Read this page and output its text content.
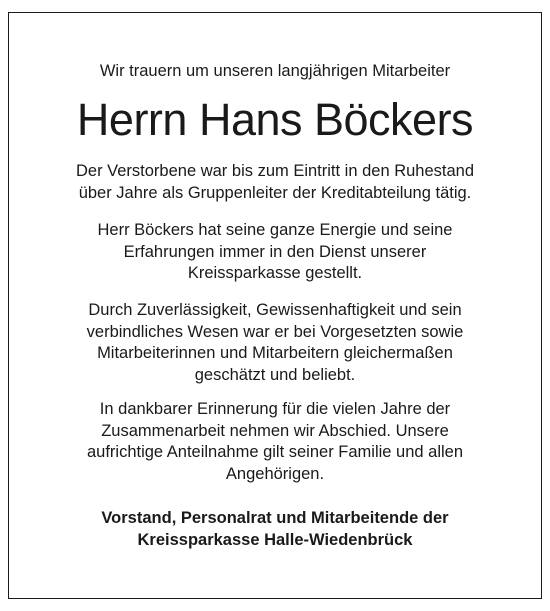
Wir trauern um unseren langjährigen Mitarbeiter
Herrn Hans Böckers
Der Verstorbene war bis zum Eintritt in den Ruhestand
über Jahre als Gruppenleiter der Kreditabteilung tätig.
Herr Böckers hat seine ganze Energie und seine
Erfahrungen immer in den Dienst unserer
Kreissparkasse gestellt.
Durch Zuverlässigkeit, Gewissenhaftigkeit und sein
verbindliches Wesen war er bei Vorgesetzten sowie
Mitarbeiterinnen und Mitarbeitern gleichermaßen
geschätzt und beliebt.
In dankbarer Erinnerung für die vielen Jahre der
Zusammenarbeit nehmen wir Abschied. Unsere
aufrichtige Anteilnahme gilt seiner Familie und allen
Angehörigen.
Vorstand, Personalrat und Mitarbeitende der
Kreissparkasse Halle-Wiedenbrück
